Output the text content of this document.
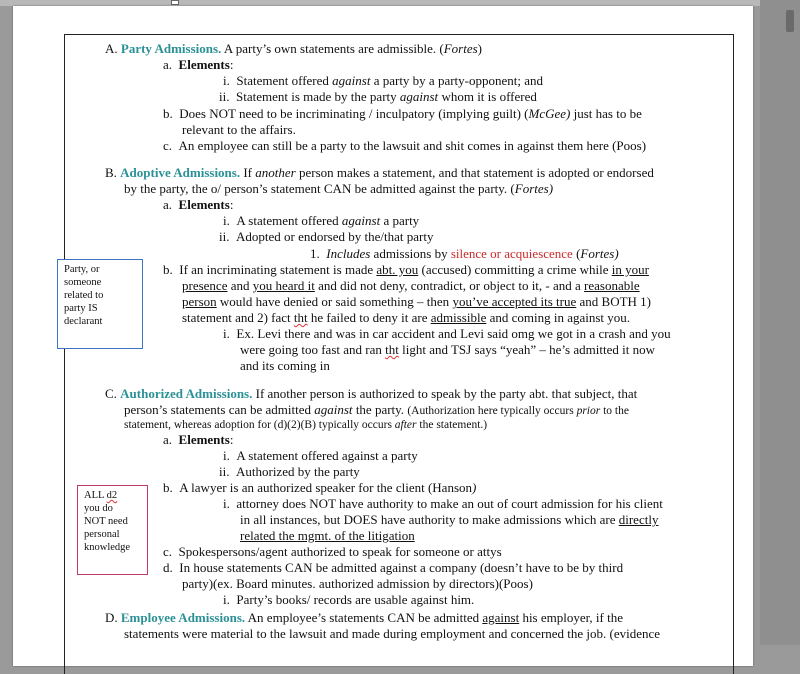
A. Party Admissions. A party’s own statements are admissible. (Fortes)
a. Elements:
i. Statement offered against a party by a party-opponent; and
ii. Statement is made by the party against whom it is offered
b. Does NOT need to be incriminating / inculpatory (implying guilt) (McGee) just has to be
relevant to the affairs.
c. An employee can still be a party to the lawsuit and shit comes in against them here (Poos)
B. Adoptive Admissions. If another person makes a statement, and that statement is adopted or endorsed
by the party, the o/ person’s statement CAN be admitted against the party. (Fortes)
a. Elements:
i. A statement offered against a party
ii. Adopted or endorsed by the/that party
1. Includes admissions by silence or acquiescence (Fortes)
b. If an incriminating statement is made abt. you (accused) committing a crime while in your
presence and you heard it and did not deny, contradict, or object to it, - and a reasonable
person would have denied or said something – then you’ve accepted its true and BOTH 1)
statement and 2) fact tht he failed to deny it are admissible and coming in against you.
i. Ex. Levi there and was in car accident and Levi said omg we got in a crash and you
were going too fast and ran tht light and TSJ says “yeah” – he’s admitted it now
and its coming in
C. Authorized Admissions. If another person is authorized to speak by the party abt. that subject, that
person’s statements can be admitted against the party. (Authorization here typically occurs prior to the
statement, whereas adoption for (d)(2)(B) typically occurs after the statement.)
a. Elements:
i. A statement offered against a party
ii. Authorized by the party
b. A lawyer is an authorized speaker for the client (Hanson)
i. attorney does NOT have authority to make an out of court admission for his client
in all instances, but DOES have authority to make admissions which are directly
related the mgmt. of the litigation
c. Spokespersons/agent authorized to speak for someone or attys
d. In house statements CAN be admitted against a company (doesn’t have to be by third
party)(ex. Board minutes. authorized admission by directors)(Poos)
i. Party’s books/ records are usable against him.
D. Employee Admissions. An employee’s statements CAN be admitted against his employer, if the
statements were material to the lawsuit and made during employment and concerned the job. (evidence
Party, or
someone
related to
party IS
declarant
ALL d2
you do
NOT need
personal
knowledge
